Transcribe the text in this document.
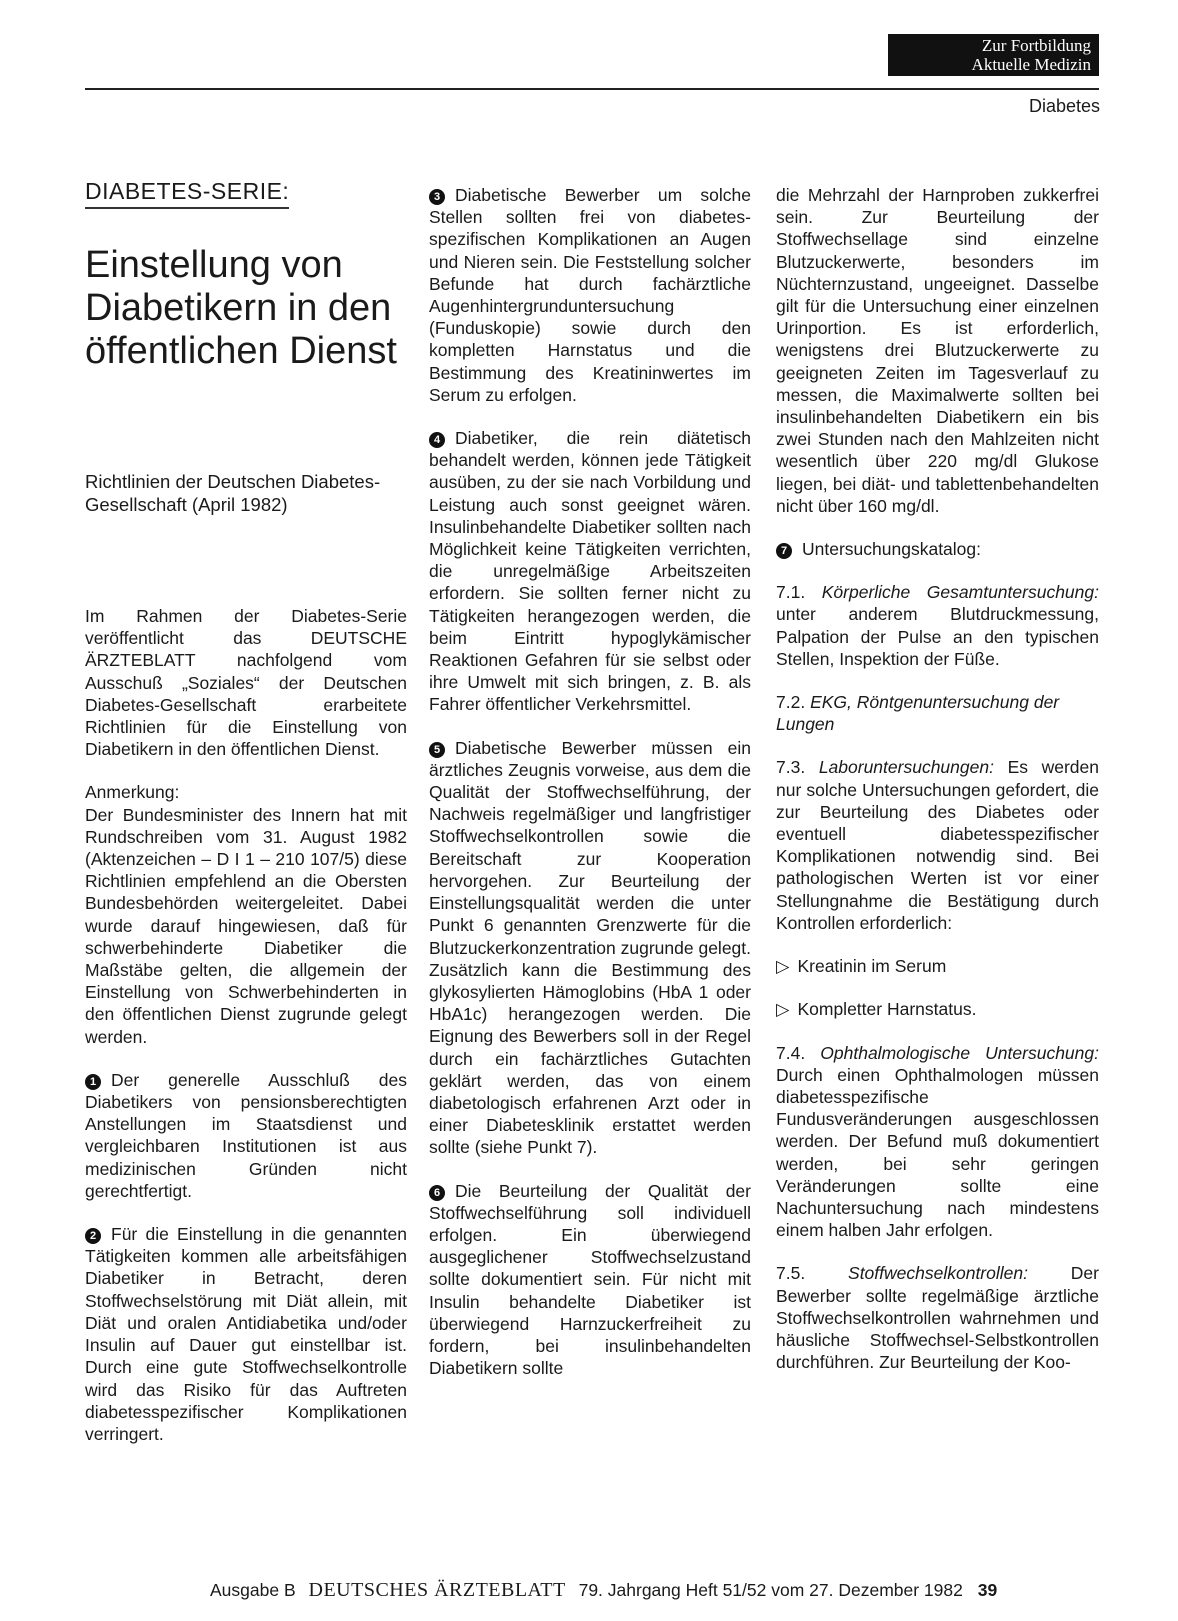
Zur Fortbildung
Aktuelle Medizin
Diabetes
DIABETES-SERIE:
Einstellung von Diabetikern in den öffentlichen Dienst
Richtlinien der Deutschen Diabetes-Gesellschaft (April 1982)

Im Rahmen der Diabetes-Serie veröffentlicht das DEUTSCHE ÄRZTEBLATT nachfolgend vom Ausschuß „Soziales“ der Deutschen Diabetes-Gesellschaft erarbeitete Richtlinien für die Einstellung von Diabetikern in den öffentlichen Dienst.

Anmerkung:
Der Bundesminister des Innern hat mit Rundschreiben vom 31. August 1982 (Aktenzeichen – D I 1 – 210 107/5) diese Richtlinien empfehlend an die Obersten Bundesbehörden weitergeleitet. Dabei wurde darauf hingewiesen, daß für schwerbehinderte Diabetiker die Maßstäbe gelten, die allgemein der Einstellung von Schwerbehinderten in den öffentlichen Dienst zugrunde gelegt werden.

1 Der generelle Ausschluß des Diabetikers von pensionsberechtigten Anstellungen im Staatsdienst und vergleichbaren Institutionen ist aus medizinischen Gründen nicht gerechtfertigt.

2 Für die Einstellung in die genannten Tätigkeiten kommen alle arbeitsfähigen Diabetiker in Betracht, deren Stoffwechselstörung mit Diät allein, mit Diät und oralen Antidiabetika und/oder Insulin auf Dauer gut einstellbar ist. Durch eine gute Stoffwechselkontrolle wird das Risiko für das Auftreten diabetesspezifischer Komplikationen verringert.

3 Diabetische Bewerber um solche Stellen sollten frei von diabetes-spezifischen Komplikationen an Augen und Nieren sein. Die Feststellung solcher Befunde hat durch fachärztliche Augenhintergrunduntersuchung (Funduskopie) sowie durch den kompletten Harnstatus und die Bestimmung des Kreatininwertes im Serum zu erfolgen.

4 Diabetiker, die rein diätetisch behandelt werden, können jede Tätigkeit ausüben, zu der sie nach Vorbildung und Leistung auch sonst geeignet wären. Insulinbehandelte Diabetiker sollten nach Möglichkeit keine Tätigkeiten verrichten, die unregelmäßige Arbeitszeiten erfordern. Sie sollten ferner nicht zu Tätigkeiten herangezogen werden, die beim Eintritt hypoglykämischer Reaktionen Gefahren für sie selbst oder ihre Umwelt mit sich bringen, z. B. als Fahrer öffentlicher Verkehrsmittel.

5 Diabetische Bewerber müssen ein ärztliches Zeugnis vorweise, aus dem die Qualität der Stoffwechselführung, der Nachweis regelmäßiger und langfristiger Stoffwechselkontrollen sowie die Bereitschaft zur Kooperation hervorgehen. Zur Beurteilung der Einstellungsqualität werden die unter Punkt 6 genannten Grenzwerte für die Blutzuckerkonzentration zugrunde gelegt. Zusätzlich kann die Bestimmung des glykosylierten Hämoglobins (HbA 1 oder HbA1c) herangezogen werden. Die Eignung des Bewerbers soll in der Regel durch ein fachärztliches Gutachten geklärt werden, das von einem diabetologisch erfahrenen Arzt oder in einer Diabetesklinik erstattet werden sollte (siehe Punkt 7).

6 Die Beurteilung der Qualität der Stoffwechselführung soll individuell erfolgen. Ein überwiegend ausgeglichener Stoffwechselzustand sollte dokumentiert sein. Für nicht mit Insulin behandelte Diabetiker ist überwiegend Harnzuckerfreiheit zu fordern, bei insulinbehandelten Diabetikern sollte

die Mehrzahl der Harnproben zukkerfrei sein. Zur Beurteilung der Stoffwechsellage sind einzelne Blutzuckerwerte, besonders im Nüchternzustand, ungeeignet. Dasselbe gilt für die Untersuchung einer einzelnen Urinportion. Es ist erforderlich, wenigstens drei Blutzuckerwerte zu geeigneten Zeiten im Tagesverlauf zu messen, die Maximalwerte sollten bei insulinbehandelten Diabetikern ein bis zwei Stunden nach den Mahlzeiten nicht wesentlich über 220 mg/dl Glukose liegen, bei diät- und tablettenbehandelten nicht über 160 mg/dl.

7 Untersuchungskatalog:

7.1. Körperliche Gesamtuntersuchung: unter anderem Blutdruckmessung, Palpation der Pulse an den typischen Stellen, Inspektion der Füße.

7.2. EKG, Röntgenuntersuchung der Lungen

7.3. Laboruntersuchungen: Es werden nur solche Untersuchungen gefordert, die zur Beurteilung des Diabetes oder eventuell diabetesspezifischer Komplikationen notwendig sind. Bei pathologischen Werten ist vor einer Stellungnahme die Bestätigung durch Kontrollen erforderlich:

▷ Kreatinin im Serum

▷ Kompletter Harnstatus.

7.4. Ophthalmologische Untersuchung: Durch einen Ophthalmologen müssen diabetesspezifische Fundusveränderungen ausgeschlossen werden. Der Befund muß dokumentiert werden, bei sehr geringen Veränderungen sollte eine Nachuntersuchung nach mindestens einem halben Jahr erfolgen.

7.5. Stoffwechselkontrollen: Der Bewerber sollte regelmäßige ärztliche Stoffwechselkontrollen wahrnehmen und häusliche Stoffwechsel-Selbstkontrollen durchführen. Zur Beurteilung der Koo-

Ausgabe B DEUTSCHES ÄRZTEBLATT 79. Jahrgang Heft 51/52 vom 27. Dezember 1982 39
